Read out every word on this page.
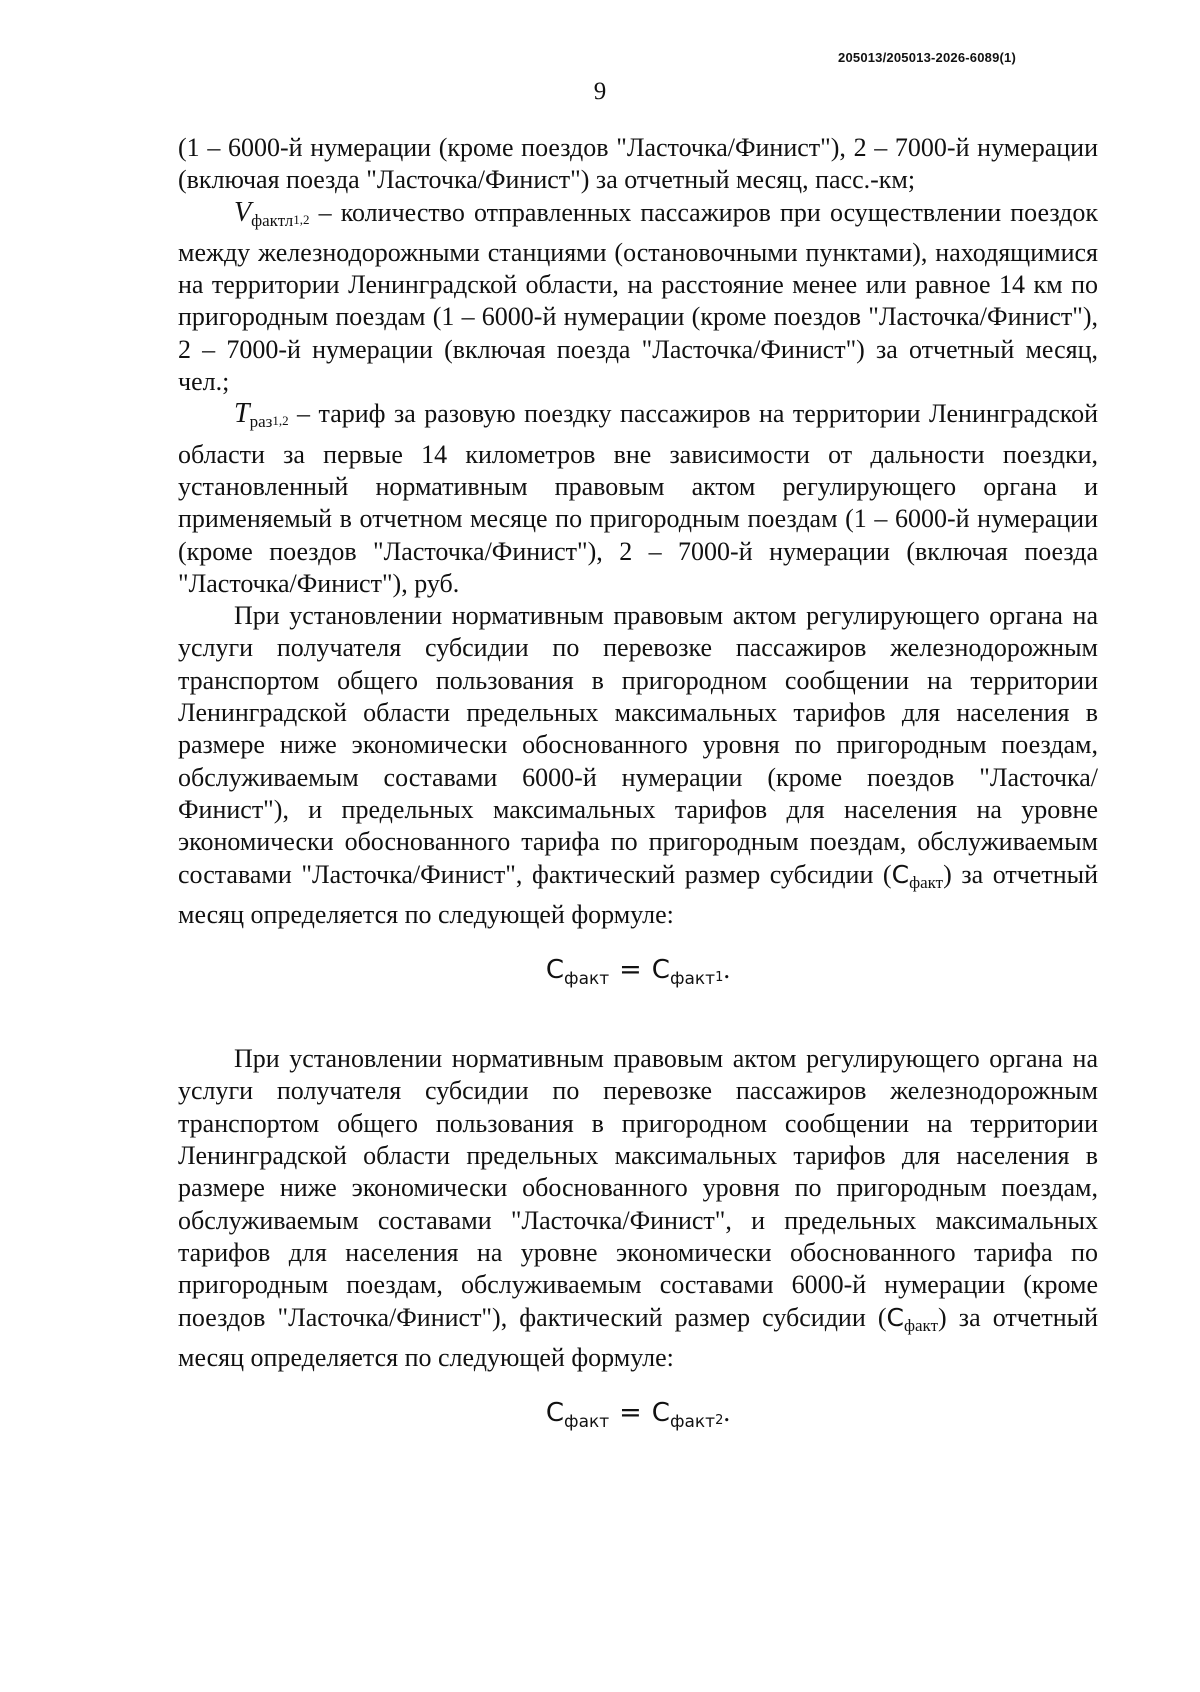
205013/205013-2026-6089(1)
9

(1 – 6000-й нумерации (кроме поездов "Ласточка/Финист"), 2 – 7000-й нумерации (включая поезда "Ласточка/Финист") за отчетный месяц, пасс.-км;

$V_{фактл1,2}$ – количество отправленных пассажиров при осуществлении поездок между железнодорожными станциями (остановочными пунктами), находящимися на территории Ленинградской области, на расстояние менее или равное 14 км по пригородным поездам (1 – 6000-й нумерации (кроме поездов "Ласточка/Финист"), 2 – 7000-й нумерации (включая поезда "Ласточка/Финист") за отчетный месяц, чел.;

$T_{раз1,2}$ – тариф за разовую поездку пассажиров на территории Ленинградской области за первые 14 километров вне зависимости от дальности поездки, установленный нормативным правовым актом регулирующего органа и применяемый в отчетном месяце по пригородным поездам (1 – 6000-й нумерации (кроме поездов "Ласточка/Финист"), 2 – 7000-й нумерации (включая поезда "Ласточка/Финист"), руб.

При установлении нормативным правовым актом регулирующего органа на услуги получателя субсидии по перевозке пассажиров железнодорожным транспортом общего пользования в пригородном сообщении на территории Ленинградской области предельных максимальных тарифов для населения в размере ниже экономически обоснованного уровня по пригородным поездам, обслуживаемым составами 6000-й нумерации (кроме поездов "Ласточка/Финист"), и предельных максимальных тарифов для населения на уровне экономически обоснованного тарифа по пригородным поездам, обслуживаемым составами "Ласточка/Финист", фактический размер субсидии $(С_{факт})$ за отчетный месяц определяется по следующей формуле:

$С_{факт} = С_{факт}1$.

При установлении нормативным правовым актом регулирующего органа на услуги получателя субсидии по перевозке пассажиров железнодорожным транспортом общего пользования в пригородном сообщении на территории Ленинградской области предельных максимальных тарифов для населения в размере ниже экономически обоснованного уровня по пригородным поездам, обслуживаемым составами "Ласточка/Финист", и предельных максимальных тарифов для населения на уровне экономически обоснованного тарифа по пригородным поездам, обслуживаемым составами 6000-й нумерации (кроме поездов "Ласточка/Финист"), фактический размер субсидии $(С_{факт})$ за отчетный месяц определяется по следующей формуле:

$С_{факт} = С_{факт}2$.
